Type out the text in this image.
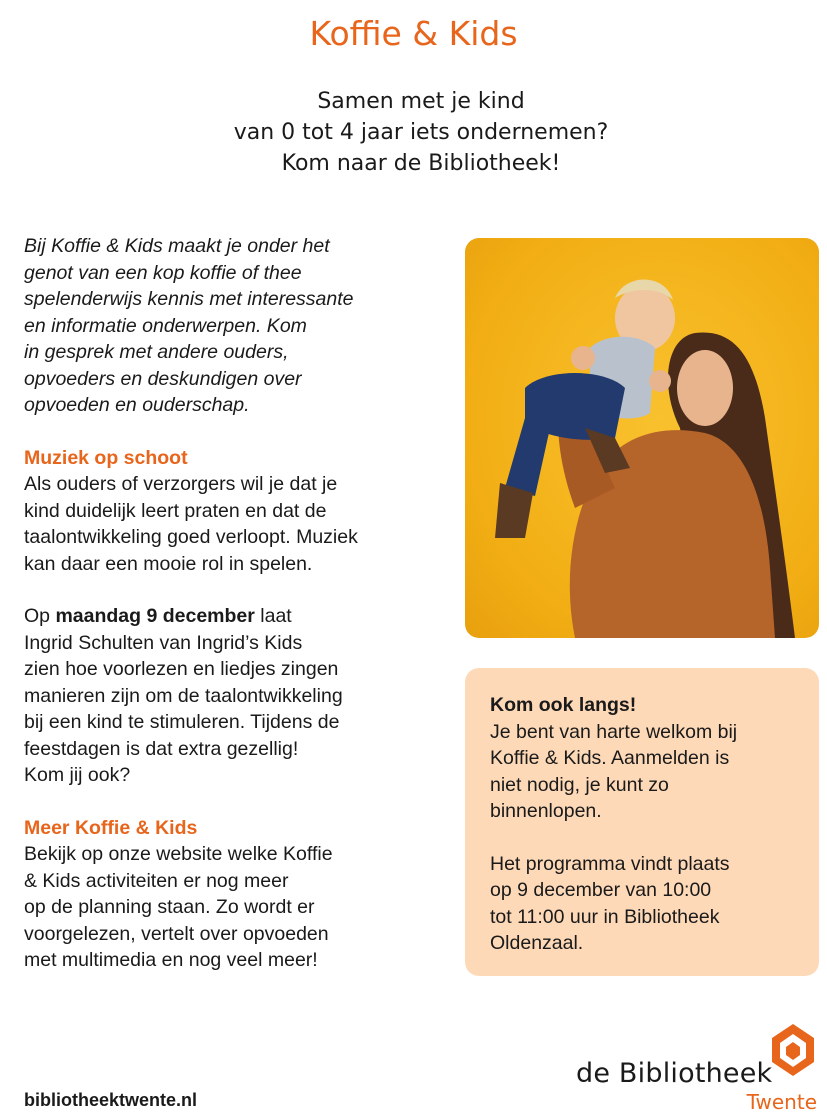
Koffie & Kids
Samen met je kind
van 0 tot 4 jaar iets ondernemen?
Kom naar de Bibliotheek!
Bij Koffie & Kids maakt je onder het
genot van een kop koffie of thee
spelenderwijs kennis met interessante
en informatie onderwerpen. Kom
in gesprek met andere ouders,
opvoeders en deskundigen over
opvoeden en ouderschap.
Muziek op schoot
Als ouders of verzorgers wil je dat je
kind duidelijk leert praten en dat de
taalontwikkeling goed verloopt. Muziek
kan daar een mooie rol in spelen.
Op maandag 9 december laat
Ingrid Schulten van Ingrid’s Kids
zien hoe voorlezen en liedjes zingen
manieren zijn om de taalontwikkeling
bij een kind te stimuleren. Tijdens de
feestdagen is dat extra gezellig!
Kom jij ook?
Meer Koffie & Kids
Bekijk op onze website welke Koffie
& Kids activiteiten er nog meer
op de planning staan. Zo wordt er
voorgelezen, vertelt over opvoeden
met multimedia en nog veel meer!
Kom ook langs!
Je bent van harte welkom bij
Koffie & Kids. Aanmelden is
niet nodig, je kunt zo
binnenlopen.
Het programma vindt plaats
op 9 december van 10:00
tot 11:00 uur in Bibliotheek
Oldenzaal.
bibliotheektwente.nl
de Bibliotheek
Twente
